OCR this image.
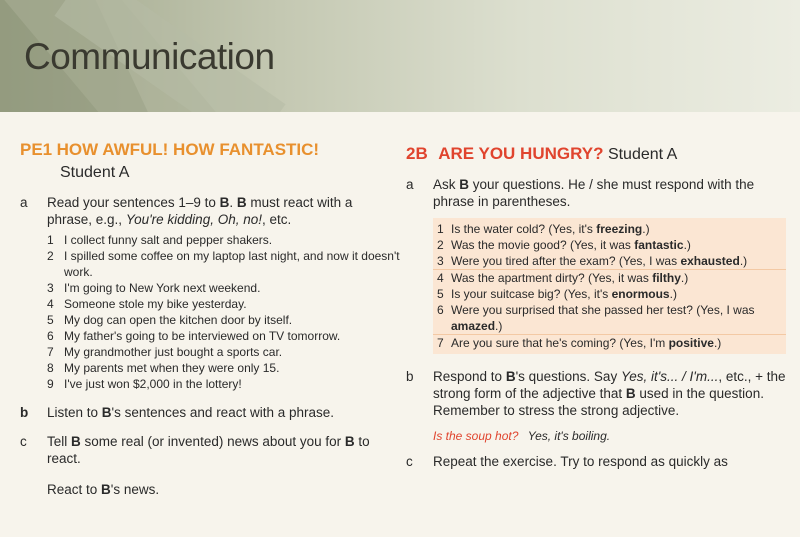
Communication
PE1 HOW AWFUL! HOW FANTASTIC!
Student A
a	Read your sentences 1–9 to B. B must react with a phrase, e.g., You're kidding, Oh, no!, etc.
1 I collect funny salt and pepper shakers.
2 I spilled some coffee on my laptop last night, and now it doesn't work.
3 I'm going to New York next weekend.
4 Someone stole my bike yesterday.
5 My dog can open the kitchen door by itself.
6 My father's going to be interviewed on TV tomorrow.
7 My grandmother just bought a sports car.
8 My parents met when they were only 15.
9 I've just won $2,000 in the lottery!
b	Listen to B's sentences and react with a phrase.
c	Tell B some real (or invented) news about you for B to react.
React to B's news.
2B ARE YOU HUNGRY? Student A
a	Ask B your questions. He / she must respond with the phrase in parentheses.
1 Is the water cold? (Yes, it's freezing.)
2 Was the movie good? (Yes, it was fantastic.)
3 Were you tired after the exam? (Yes, I was exhausted.)
4 Was the apartment dirty? (Yes, it was filthy.)
5 Is your suitcase big? (Yes, it's enormous.)
6 Were you surprised that she passed her test? (Yes, I was amazed.)
7 Are you sure that he's coming? (Yes, I'm positive.)
b	Respond to B's questions. Say Yes, it's... / I'm..., etc., + the strong form of the adjective that B used in the question. Remember to stress the strong adjective.
Is the soup hot? Yes, it's boiling.
c	Repeat the exercise. Try to respond as quickly as
